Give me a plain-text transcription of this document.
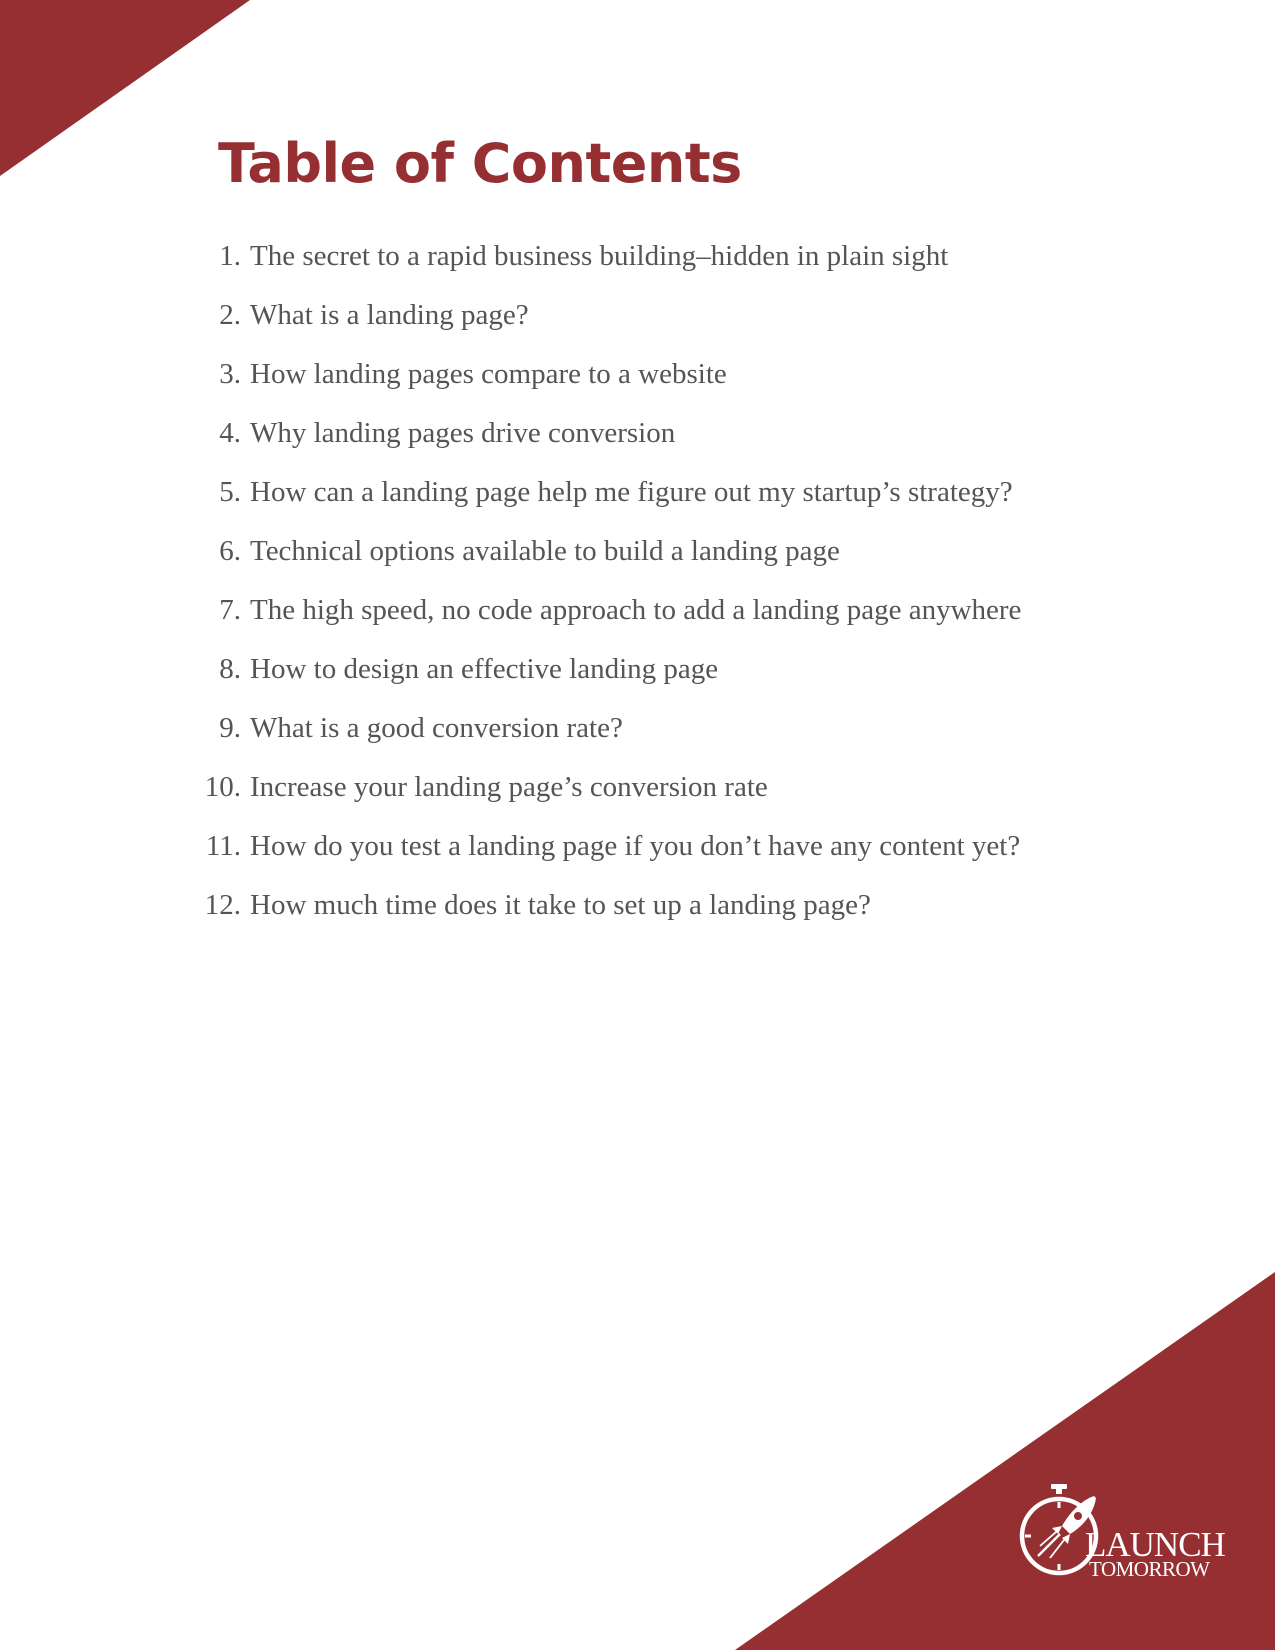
Table of Contents
1. The secret to a rapid business building–hidden in plain sight
2. What is a landing page?
3. How landing pages compare to a website
4. Why landing pages drive conversion
5. How can a landing page help me figure out my startup’s strategy?
6. Technical options available to build a landing page
7. The high speed, no code approach to add a landing page anywhere
8. How to design an effective landing page
9. What is a good conversion rate?
10. Increase your landing page’s conversion rate
11. How do you test a landing page if you don’t have any content yet?
12. How much time does it take to set up a landing page?
LAUNCH
TOMORROW
